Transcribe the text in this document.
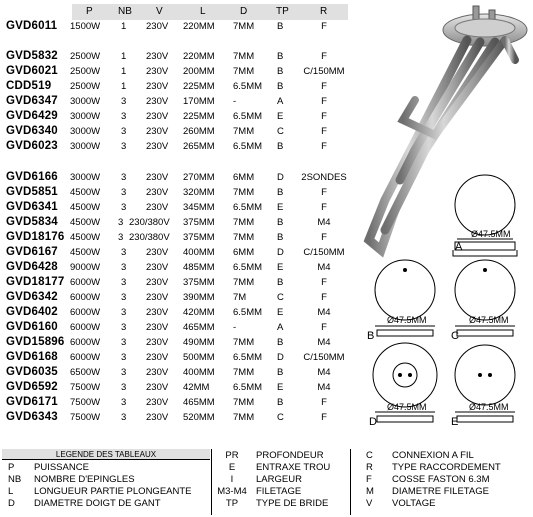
P	NB V	L	D	TP	R
GVD6011 1500W 1 230V 220MM 7MM B	F
GVD5832 2500W 1 230V 220MM 7MM B	F
GVD6021 2500W 1 230V 200MM 7MM B	C/150MM
CDD519 2500W 1 230V 225MM 6.5MM B	F
GVD6347 3000W 3 230V 170MM -	A	F
GVD6429 3000W 3 230V 225MM 6.5MM E	F
GVD6340 3000W 3 230V 260MM 7MM C	F
GVD6023 3000W 3 230V 265MM 6.5MM B	F
GVD6166 3000W 3 230V 270MM 6MM D	2SONDES
GVD5851 4500W 3 230V 320MM 7MM B	F
GVD6341 4500W 3 230V 345MM 6.5MM E	F
GVD5834 4500W 3 230/380V 375MM 7MM B	M4
GVD18176 4500W 3 230/380V 375MM 7MM B	F
GVD6167 4500W 3 230V 400MM 6MM D	C/150MM
GVD6428 9000W 3 230V 485MM 6.5MM E	M4
GVD18177 6000W 3 230V 375MM 7MM B	F
GVD6342 6000W 3 230V 390MM 7M	C	F
GVD6402 6000W 3 230V 420MM 6.5MM E	M4
GVD6160 6000W 3 230V 465MM -	A	F
GVD15896 6000W 3 230V 490MM 7MM B	M4
GVD6168 6000W 3 230V 500MM 6.5MM D	C/150MM
GVD6035 6500W 3 230V 400MM 7MM B	M4
GVD6592 7500W 3 230V 42MM 6.5MM E	M4
GVD6171 7500W 3 230V 465MM 7MM B	F
GVD6343 7500W 3 230V 520MM 7MM C	F
Ø47.5MM
A
Ø47.5MM
B
Ø47.5MM
C
Ø47.5MM
D
Ø47.5MM
E
LEGENDE DES TABLEAUX
P PUISSANCE
NB NOMBRE D'EPINGLES
L LONGUEUR PARTIE PLONGEANTE
D DIAMETRE DOIGT DE GANT
PR	PROFONDEUR
E	ENTRAXE TROU
I	LARGEUR
M3-M4 FILETAGE
TP	TYPE DE BRIDE
C CONNEXION A FIL
R TYPE RACCORDEMENT
F COSSE FASTON 6.3M
M DIAMETRE FILETAGE
V VOLTAGE
